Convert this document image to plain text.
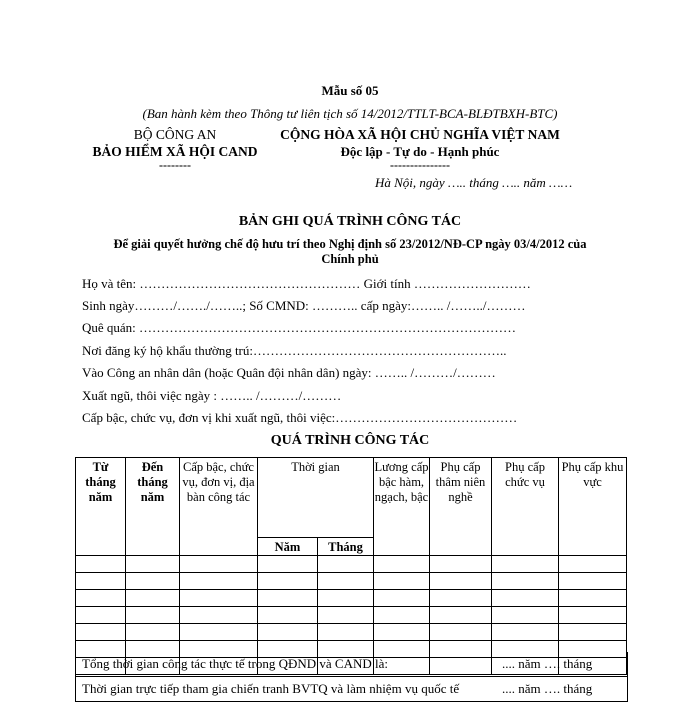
Mẫu số 05
(Ban hành kèm theo Thông tư liên tịch số 14/2012/TTLT-BCA-BLĐTBXH-BTC)
BỘ CÔNG AN
BẢO HIỂM XÃ HỘI CAND
--------
CỘNG HÒA XÃ HỘI CHỦ NGHĨA VIỆT NAM
Độc lập - Tự do - Hạnh phúc
---------------
Hà Nội, ngày ….. tháng ….. năm ……
BẢN GHI QUÁ TRÌNH CÔNG TÁC
Để giải quyết hưởng chế độ hưu trí theo Nghị định số 23/2012/NĐ-CP ngày 03/4/2012 của
Chính phủ
Họ và tên: …………………………………………… Giới tính ………………………
Sinh ngày………/……./……..; Số CMND: ……….. cấp ngày:…….. /……../………
Quê quán: ……………………………………………………………………………
Nơi đăng ký hộ khẩu thường trú:…………………………………………………..
Vào Công an nhân dân (hoặc Quân đội nhân dân) ngày: …….. /………/………
Xuất ngũ, thôi việc ngày : …….. /………/………
Cấp bậc, chức vụ, đơn vị khi xuất ngũ, thôi việc:……………………………………
QUÁ TRÌNH CÔNG TÁC
Từ tháng năm	Đến tháng năm	Cấp bậc, chức vụ, đơn vị, địa bàn công tác	Thời gian		Lương cấp bậc hàm, ngạch, bậc	Phụ cấp thâm niên nghề	Phụ cấp chức vụ	Phụ cấp khu vực
			Năm	Tháng				

Tổng thời gian công tác thực tế trong QĐND và CAND là:	.... năm …. tháng
Thời gian trực tiếp tham gia chiến tranh BVTQ và làm nhiệm vụ quốc tế	.... năm …. tháng
